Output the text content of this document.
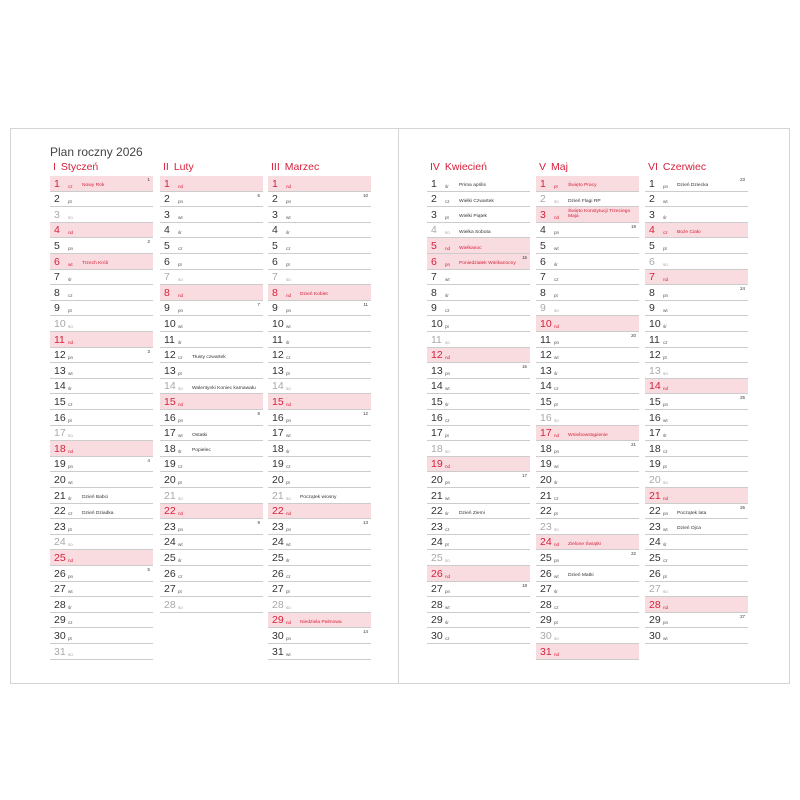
Plan roczny 2026
I Styczeń
1 cz Nowy Rok
1
2 pt
3 so
4 nd
5 pn
2
6 wt Trzech Króli
7 śr
8 cz
9 pt
10 so
11 nd
12 pn
3
13 wt
14 śr
15 cz
16 pt
17 so
18 nd
19 pn
4
20 wt
21 śr Dzień Babci
22 cz Dzień Dziadka
23 pt
24 so
25 nd
26 pn
5
27 wt
28 śr
29 cz
30 pt
31 so
II Luty
1 nd
2 pn
6
3 wt
4 śr
5 cz
6 pt
7 so
8 nd
9 pn
7
10 wt
11 śr
12 cz Tłusty czwartek
13 pt
14 so Walentynki Koniec karnawału
15 nd
16 pn
8
17 wt Ostatki
18 śr Popielec
19 cz
20 pt
21 so
22 nd
23 pn
9
24 wt
25 śr
26 cz
27 pt
28 so
III Marzec
1 nd
2 pn
10
3 wt
4 śr
5 cz
6 pt
7 so
8 nd Dzień Kobiet
9 pn
11
10 wt
11 śr
12 cz
13 pt
14 so
15 nd
16 pn
12
17 wt
18 śr
19 cz
20 pt
21 so Początek wiosny
22 nd
23 pn
13
24 wt
25 śr
26 cz
27 pt
28 so
29 nd Niedziela Palmowa
30 pn
14
31 wt
IV Kwiecień
1 śr Prima aprilis
2 cz Wielki Czwartek
3 pt Wielki Piątek
4 so Wielka Sobota
5 nd Wielkanoc
6 pn Poniedziałek Wielkanocny
15
7 wt
8 śr
9 cz
10 pt
11 so
12 nd
13 pn
16
14 wt
15 śr
16 cz
17 pt
18 so
19 nd
20 pn
17
21 wt
22 śr Dzień Ziemi
23 cz
24 pt
25 so
26 nd
27 pn
18
28 wt
29 śr
30 cz
V Maj
1 pt Święto Pracy
2 so Dzień Flagi RP
3 nd
Święto Konstytucji Trzeciego Maja
4 pn
19
5 wt
6 śr
7 cz
8 pt
9 so
10 nd
11 pn
20
12 wt
13 śr
14 cz
15 pt
16 so
17 nd Wniebowstąpienie
18 pn
21
19 wt
20 śr
21 cz
22 pt
23 so
24 nd Zielone Świątki
25 pn
22
26 wt Dzień Matki
27 śr
28 cz
29 pt
30 so
31 nd
VI Czerwiec
1 pn Dzień Dziecka
23
2 wt
3 śr
4 cz Boże Ciało
5 pt
6 so
7 nd
8 pn
24
9 wt
10 śr
11 cz
12 pt
13 so
14 nd
15 pn
25
16 wt
17 śr
18 cz
19 pt
20 so
21 nd
22 pn Początek lata
26
23 wt Dzień Ojca
24 śr
25 cz
26 pt
27 so
28 nd
29 pn
27
30 wt
